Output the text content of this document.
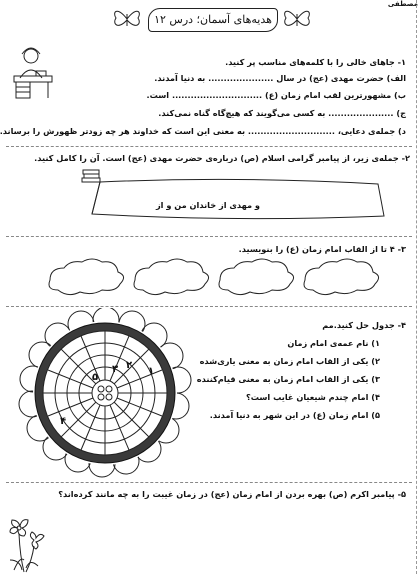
مصطفی
هدیه‌های آسمان؛ درس ۱۲
۱- جاهای خالی را با کلمه‌های مناسب پر کنید.
الف) حضرت مهدی (عج) در سال ..................... به دنیا آمدند.
ب) مشهورترین لقب امام زمان (ع) ............................. است.
ج) ..................... به کسی می‌گویند که هیچ‌گاه گناه نمی‌کند.
د) جمله‌ی دعایی، ............................ به معنی این است که خداوند هر چه زودتر ظهورش را برساند.
۲- جمله‌ی زیر، از پیامبر گرامی اسلام (ص) درباره‌ی حضرت مهدی (عج) است. آن را کامل کنید.
و مهدی از خاندان من و از
۳- ۴ تا از القاب امام زمان (ع) را بنویسید.
۱
۲
۳
۴
۵
۴- جدول حل کنید.مم
۱) نام عمه‌ی امام زمان
۲) یکی از القاب امام زمان به معنی یاری‌شده
۳) یکی از القاب امام زمان به معنی قیام‌کننده
۴) امام چندم شیعیان غایب است؟
۵) امام زمان (ع) در این شهر به دنیا آمدند.
۵- پیامبر اکرم (ص) بهره بردن از امام زمان (عج) در زمان غیبت را به چه مانند کرده‌اند؟
